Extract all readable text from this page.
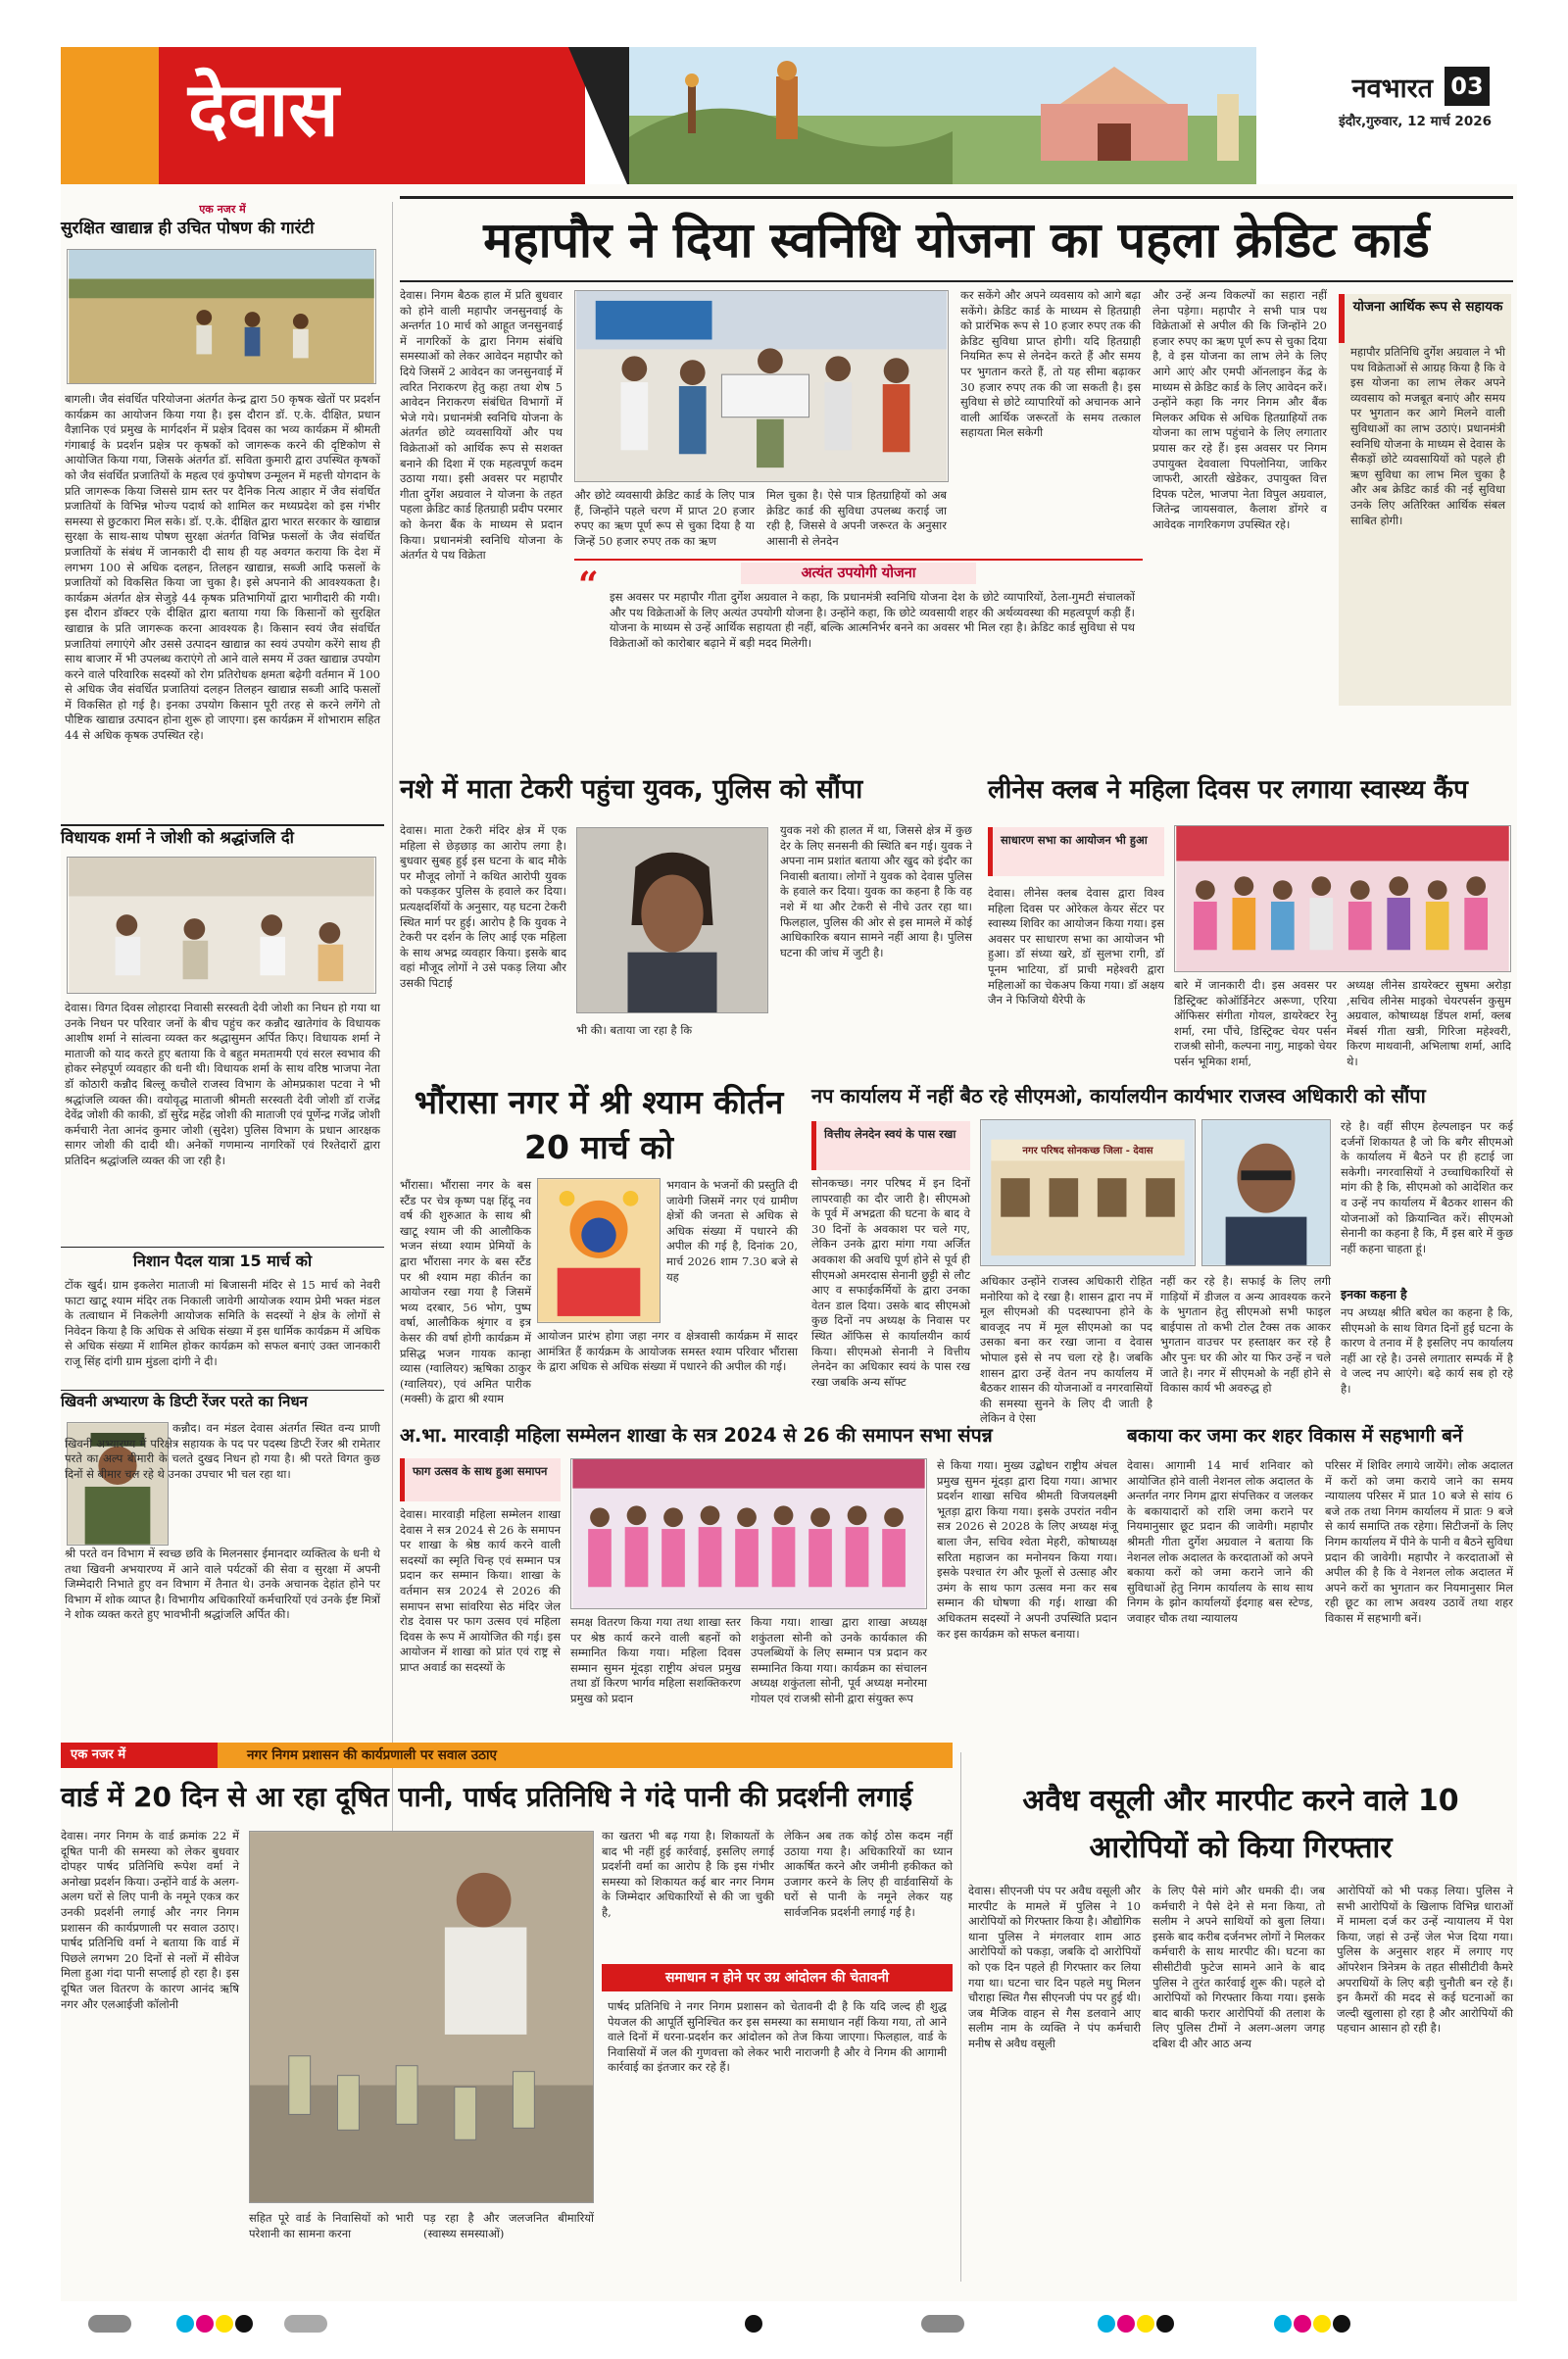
देवास	नवभारत 03
इंदौर,गुरुवार, 12 मार्च 2026
एक नजर में
सुरक्षित खाद्यान्न ही उचित पोषण की गारंटी
बागली। जैव संवर्धित परियोजना अंतर्गत केन्द्र द्वारा 50 कृषक खेतों पर प्रदर्शन कार्यक्रम का आयोजन किया गया है। इस दौरान डॉ. ए.के. दीक्षित, प्रधान वैज्ञानिक एवं प्रमुख के मार्गदर्शन में प्रक्षेत्र दिवस का भव्य कार्यक्रम में श्रीमती गंगाबाई के प्रदर्शन प्रक्षेत्र पर कृषकों को जागरूक करने की दृष्टिकोण से आयोजित किया गया, जिसके अंतर्गत डॉ. सविता कुमारी द्वारा उपस्थित कृषकों को जैव संवर्धित प्रजातियों के महत्व एवं कुपोषण उन्मूलन में महत्ती योगदान के प्रति जागरूक किया जिससे ग्राम स्तर पर दैनिक नित्य आहार में जैव संवर्धित प्रजातियों के विभिन्न भोज्य पदार्थ को शामिल कर मध्यप्रदेश को इस गंभीर समस्या से छुटकारा मिल सके। डॉ. ए.के. दीक्षित द्वारा भारत सरकार के खाद्यान्न सुरक्षा के साथ-साथ पोषण सुरक्षा अंतर्गत विभिन्न फसलों के जैव संवर्धित प्रजातियों के संबंध में जानकारी दी साथ ही यह अवगत कराया कि देश में लगभग 100 से अधिक दलहन, तिलहन खाद्यान्न, सब्जी आदि फसलों के प्रजातियों को विकसित किया जा चुका है। इसे अपनाने की आवश्यकता है। कार्यक्रम अंतर्गत क्षेत्र सेजुड़े 44 कृषक प्रतिभागियों द्वारा भागीदारी की गयी। इस दौरान डॉक्टर एके दीक्षित द्वारा बताया गया कि किसानों को सुरक्षित खाद्यान्न के प्रति जागरूक करना आवश्यक है। किसान स्वयं जैव संवर्धित प्रजातियां लगाएंगे और उससे उत्पादन खाद्यान्न का स्वयं उपयोग करेंगे साथ ही साथ बाजार में भी उपलब्ध कराएंगे तो आने वाले समय में उक्त खाद्यान्न उपयोग करने वाले परिवारिक सदस्यों को रोग प्रतिरोधक क्षमता बढ़ेगी वर्तमान में 100 से अधिक जैव संवर्धित प्रजातियां दलहन तिलहन खाद्यान्न सब्जी आदि फसलों में विकसित हो गई है। इनका उपयोग किसान पूरी तरह से करने लगेंगे तो पौष्टिक खाद्यान्न उत्पादन होना शुरू हो जाएगा। इस कार्यक्रम में शोभाराम सहित 44 से अधिक कृषक उपस्थित रहे।
विधायक शर्मा ने जोशी को श्रद्धांजलि दी
देवास। विगत दिवस लोहारदा निवासी सरस्वती देवी जोशी का निधन हो गया था उनके निधन पर परिवार जनों के बीच पहुंच कर कन्नौद खातेगांव के विधायक आशीष शर्मा ने सांत्वना व्यक्त कर श्रद्धासुमन अर्पित किए। विधायक शर्मा ने माताजी को याद करते हुए बताया कि वे बहुत ममतामयी एवं सरल स्वभाव की होकर स्नेहपूर्ण व्यवहार की धनी थी। विधायक शर्मा के साथ वरिष्ठ भाजपा नेता डॉ कोठारी कन्नौद बिल्लू कचौले राजस्व विभाग के ओमप्रकाश पटवा ने भी श्रद्धांजलि व्यक्त की। वयोवृद्ध माताजी श्रीमती सरस्वती देवी जोशी डॉ राजेंद्र देवेंद्र जोशी की काकी, डॉ सुरेंद्र महेंद्र जोशी की माताजी एवं पूर्णेन्द्र गजेंद्र जोशी कर्मचारी नेता आनंद कुमार जोशी (सुदेश) पुलिस विभाग के प्रधान आरक्षक सागर जोशी की दादी थी। अनेकों गणमान्य नागरिकों एवं रिश्तेदारों द्वारा प्रतिदिन श्रद्धांजलि व्यक्त की जा रही है।
निशान पैदल यात्रा 15 मार्च को
टोंक खुर्द। ग्राम इकलेरा माताजी मां बिजासनी मंदिर से 15 मार्च को नेवरी फाटा खाटू श्याम मंदिर तक निकाली जावेगी आयोजक श्याम प्रेमी भक्त मंडल के तत्वाधान में निकलेगी आयोजक समिति के सदस्यों ने क्षेत्र के लोगों से निवेदन किया है कि अधिक से अधिक संख्या में इस धार्मिक कार्यक्रम में अधिक से अधिक संख्या में शामिल होकर कार्यक्रम को सफल बनाएं उक्त जानकारी राजू सिंह दांगी ग्राम मुंडला दांगी ने दी।
खिवनी अभ्यारण के डिप्टी रेंजर परते का निधन
कन्नौद। वन मंडल देवास अंतर्गत स्थित वन्य प्राणी खिवनी अभ्यारण्य में परिक्षेत्र सहायक के पद पर पदस्थ डिप्टी रेंजर श्री रामेतार परते का अल्प बीमारी के चलते दुखद निधन हो गया है। श्री परते विगत कुछ दिनों से बीमार चल रहे थे उनका उपचार भी चल रहा था।
श्री परते वन विभाग में स्वच्छ छवि के मिलनसार ईमानदार व्यक्तित्व के धनी थे तथा खिवनी अभयारण्य में आने वाले पर्यटकों की सेवा व सुरक्षा में अपनी जिम्मेदारी निभाते हुए वन विभाग में तैनात थे। उनके अचानक देहांत होने पर विभाग में शोक व्याप्त है। विभागीय अधिकारियों कर्मचारियों एवं उनके ईष्ट मित्रों ने शोक व्यक्त करते हुए भावभीनी श्रद्धांजलि अर्पित की।
महापौर ने दिया स्वनिधि योजना का पहला क्रेडिट कार्ड
देवास। निगम बैठक हाल में प्रति बुधवार को होने वाली महापौर जनसुनवाई के अन्तर्गत 10 मार्च को आहूत जनसुनवाई में नागरिकों के द्वारा निगम संबंधि समस्याओं को लेकर आवेदन महापौर को दिये जिसमें 2 आवेदन का जनसुनवाई में त्वरित निराकरण हेतु कहा तथा शेष 5 आवेदन निराकरण संबंधित विभागों में भेजे गये। प्रधानमंत्री स्वनिधि योजना के अंतर्गत छोटे व्यवसायियों और पथ विक्रेताओं को आर्थिक रूप से सशक्त बनाने की दिशा में एक महत्वपूर्ण कदम उठाया गया। इसी अवसर पर महापौर गीता दुर्गेश अग्रवाल ने योजना के तहत पहला क्रेडिट कार्ड हितग्राही प्रदीप परमार को केनरा बैंक के माध्यम से प्रदान किया। प्रधानमंत्री स्वनिधि योजना के अंतर्गत ये पथ विक्रेता
और छोटे व्यवसायी क्रेडिट कार्ड के लिए पात्र हैं, जिन्होंने पहले चरण में प्राप्त 20 हजार रुपए का ऋण पूर्ण रूप से चुका दिया है या जिन्हें 50 हजार रुपए तक का ऋण
मिल चुका है। ऐसे पात्र हितग्राहियों को अब क्रेडिट कार्ड की सुविधा उपलब्ध कराई जा रही है, जिससे वे अपनी जरूरत के अनुसार आसानी से लेनदेन
कर सकेंगे और अपने व्यवसाय को आगे बढ़ा सकेंगे। क्रेडिट कार्ड के माध्यम से हितग्राही को प्रारंभिक रूप से 10 हजार रुपए तक की क्रेडिट सुविधा प्राप्त होगी। यदि हितग्राही नियमित रूप से लेनदेन करते हैं और समय पर भुगतान करते हैं, तो यह सीमा बढ़ाकर 30 हजार रुपए तक की जा सकती है। इस सुविधा से छोटे व्यापारियों को अचानक आने वाली आर्थिक जरूरतों के समय तत्काल सहायता मिल सकेगी
और उन्हें अन्य विकल्पों का सहारा नहीं लेना पड़ेगा। महापौर ने सभी पात्र पथ विक्रेताओं से अपील की कि जिन्होंने 20 हजार रुपए का ऋण पूर्ण रूप से चुका दिया है, वे इस योजना का लाभ लेने के लिए आगे आएं और एमपी ऑनलाइन केंद्र के माध्यम से क्रेडिट कार्ड के लिए आवेदन करें। उन्होंने कहा कि नगर निगम और बैंक मिलकर अधिक से अधिक हितग्राहियों तक योजना का लाभ पहुंचाने के लिए लगातार प्रयास कर रहे हैं। इस अवसर पर निगम उपायुक्त देववाला पिपलोनिया, जाकिर जाफरी, आरती खेडेकर, उपायुक्त वित्त दिपक पटेल, भाजपा नेता विपुल अग्रवाल, जितेन्द्र जायसवाल, कैलाश डोंगरे व आवेदक नागरिकगण उपस्थित रहे।
“	अत्यंत उपयोगी योजना
इस अवसर पर महापौर गीता दुर्गेश अग्रवाल ने कहा, कि प्रधानमंत्री स्वनिधि योजना देश के छोटे व्यापारियों, ठेला-गुमटी संचालकों और पथ विक्रेताओं के लिए अत्यंत उपयोगी योजना है। उन्होंने कहा, कि छोटे व्यवसायी शहर की अर्थव्यवस्था की महत्वपूर्ण कड़ी हैं। योजना के माध्यम से उन्हें आर्थिक सहायता ही नहीं, बल्कि आत्मनिर्भर बनने का अवसर भी मिल रहा है। क्रेडिट कार्ड सुविधा से पथ विक्रेताओं को कारोबार बढ़ाने में बड़ी मदद मिलेगी।
योजना आर्थिक रूप से सहायक
महापौर प्रतिनिधि दुर्गेश अग्रवाल ने भी पथ विक्रेताओं से आग्रह किया है कि वे इस योजना का लाभ लेकर अपने व्यवसाय को मजबूत बनाएं और समय पर भुगतान कर आगे मिलने वाली सुविधाओं का लाभ उठाएं। प्रधानमंत्री स्वनिधि योजना के माध्यम से देवास के सैकड़ों छोटे व्यवसायियों को पहले ही ऋण सुविधा का लाभ मिल चुका है और अब क्रेडिट कार्ड की नई सुविधा उनके लिए अतिरिक्त आर्थिक संबल साबित होगी।
नशे में माता टेकरी पहुंचा युवक, पुलिस को सौंपा
देवास। माता टेकरी मंदिर क्षेत्र में एक महिला से छेड़छाड़ का आरोप लगा है। बुधवार सुबह हुई इस घटना के बाद मौके पर मौजूद लोगों ने कथित आरोपी युवक को पकड़कर पुलिस के हवाले कर दिया। प्रत्यक्षदर्शियों के अनुसार, यह घटना टेकरी स्थित मार्ग पर हुई। आरोप है कि युवक ने टेकरी पर दर्शन के लिए आई एक महिला के साथ अभद्र व्यवहार किया। इसके बाद वहां मौजूद लोगों ने उसे पकड़ लिया और उसकी पिटाई
भी की। बताया जा रहा है कि
युवक नशे की हालत में था, जिससे क्षेत्र में कुछ देर के लिए सनसनी की स्थिति बन गई। युवक ने अपना नाम प्रशांत बताया और खुद को इंदौर का निवासी बताया। लोगों ने युवक को देवास पुलिस के हवाले कर दिया। युवक का कहना है कि वह नशे में था और टेकरी से नीचे उतर रहा था। फिलहाल, पुलिस की ओर से इस मामले में कोई आधिकारिक बयान सामने नहीं आया है। पुलिस घटना की जांच में जुटी है।
लीनेस क्लब ने महिला दिवस पर लगाया स्वास्थ्य कैंप
साधारण सभा का आयोजन भी हुआ
देवास। लीनेस क्लब देवास द्वारा विश्व महिला दिवस पर ओरेकल केयर सेंटर पर स्वास्थ्य शिविर का आयोजन किया गया। इस अवसर पर साधारण सभा का आयोजन भी हुआ। डॉ संध्या खरे, डॉ सुलभा रागी, डॉ पूनम भाटिया, डॉ प्राची महेश्वरी द्वारा महिलाओं का चेकअप किया गया। डॉ अक्षय जैन ने फिजियो थैरेपी के
बारे में जानकारी दी। इस अवसर पर डिस्ट्रिक्ट कोऑर्डिनेटर अरूणा, एरिया ऑफिसर संगीता गोयल, डायरेक्टर रेनु शर्मा, रमा पौंचे, डिस्ट्रिक्ट चेयर पर्सन राजश्री सोनी, कल्पना नागु, माइको चेयर पर्सन भूमिका शर्मा,
अध्यक्ष लीनेस डायरेक्टर सुषमा अरोड़ा ,सचिव लीनेस माइको चेयरपर्सन कुसुम अग्रवाल, कोषाध्यक्ष डिंपल शर्मा, क्लब मेंबर्स गीता खत्री, गिरिजा महेश्वरी, किरण माथवानी, अभिलाषा शर्मा, आदि थे।
भौंरासा नगर में श्री श्याम कीर्तन 20 मार्च को
भौंरासा। भौंरासा नगर के बस स्टैंड पर चेत्र कृष्ण पक्ष हिंदू नव वर्ष की शुरुआत के साथ श्री खाटू श्याम जी की आलौकिक भजन संध्या श्याम प्रेमियों के द्वारा भौंरासा नगर के बस स्टैंड पर श्री श्याम महा कीर्तन का आयोजन रखा गया है जिसमें भव्य दरबार, 56 भोग, पुष्प वर्षा, आलौकिक श्रृंगार व इत्र केसर की वर्षा होगी कार्यक्रम में प्रसिद्ध भजन गायक कान्हा व्यास (ग्वालियर) ऋषिका ठाकुर (ग्वालियर), एवं अमित पारीक (मक्सी) के द्वारा श्री श्याम
भगवान के भजनों की प्रस्तुति दी जावेगी जिसमें नगर एवं ग्रामीण क्षेत्रों की जनता से अधिक से अधिक संख्या में पधारने की अपील की गई है, दिनांक 20, मार्च 2026 शाम 7.30 बजे से यह
आयोजन प्रारंभ होगा जहा नगर व क्षेत्रवासी कार्यक्रम में सादर आमंत्रित हैं कार्यक्रम के आयोजक समस्त श्याम परिवार भौंरासा के द्वारा अधिक से अधिक संख्या में पधारने की अपील की गई।
नप कार्यालय में नहीं बैठ रहे सीएमओ, कार्यालयीन कार्यभार राजस्व अधिकारी को सौंपा
वित्तीय लेनदेन स्वयं के पास रखा
सोनकच्छ। नगर परिषद में इन दिनों लापरवाही का दौर जारी है। सीएमओ के पूर्व में अभद्रता की घटना के बाद वे 30 दिनों के अवकाश पर चले गए, लेकिन उनके द्वारा मांगा गया अर्जित अवकाश की अवधि पूर्ण होने से पूर्व ही सीएमओ अमरदास सेनानी छुट्टी से लौट आए व सफाईकर्मियों के द्वारा उनका वेतन डाल दिया। उसके बाद सीएमओ कुछ दिनों नप अध्यक्ष के निवास पर स्थित ऑफिस से कार्यालयीन कार्य किया। सीएमओ सेनानी ने वित्तीय लेनदेन का अधिकार स्वयं के पास रख रखा जबकि अन्य सॉफ्ट
नगर परिषद सोनकच्छ जिला - देवास
अधिकार उन्होंने राजस्व अधिकारी रोहित मनोरिया को दे रखा है। शासन द्वारा नप में मूल सीएमओ की पदस्थापना होने के बावजूद नप में मूल सीएमओ का पद उसका बना कर रखा जाना व देवास भोपाल इसे से नप चला रहे है। जबकि शासन द्वारा उन्हें वेतन नप कार्यालय में बैठकर शासन की योजनाओं व नगरवासियों की समस्या सुनने के लिए दी जाती है लेकिन वे ऐसा
नहीं कर रहे है। सफाई के लिए लगी गाड़ियों में डीजल व अन्य आवश्यक करने के भुगतान हेतु सीएमओ सभी फाइल बाईपास तो कभी टोल टैक्स तक आकर भुगतान वाउचर पर हस्ताक्षर कर रहे है और पुनः घर की ओर या फिर उन्हें न चले जाते है। नगर में सीएमओ के नहीं होने से विकास कार्य भी अवरुद्ध हो
रहे है। वहीं सीएम हेल्पलाइन पर कई दर्जनों शिकायत है जो कि बगैर सीएमओ के कार्यालय में बैठने पर ही हटाई जा सकेगी। नगरवासियों ने उच्चाधिकारियों से मांग की है कि, सीएमओ को आदेशित कर व उन्हें नप कार्यालय में बैठकर शासन की योजनाओं को क्रियान्वित करें। सीएमओ सेनानी का कहना है कि, मैं इस बारे में कुछ नहीं कहना चाहता हूं।
इनका कहना है
नप अध्यक्ष श्रीति बघेल का कहना है कि, सीएमओ के साथ विगत दिनों हुई घटना के कारण वे तनाव में है इसलिए नप कार्यालय नहीं आ रहे है। उनसे लगातार सम्पर्क में है वे जल्द नप आएंगे। बढ़े कार्य सब हो रहे है।
अ.भा. मारवाड़ी महिला सम्मेलन शाखा के सत्र 2024 से 26 की समापन सभा संपन्न
फाग उत्सव के साथ हुआ समापन
देवास। मारवाड़ी महिला सम्मेलन शाखा देवास ने सत्र 2024 से 26 के समापन पर शाखा के श्रेष्ठ कार्य करने वाली सदस्यों का स्मृति चिन्ह एवं सम्मान पत्र प्रदान कर सम्मान किया। शाखा के वर्तमान सत्र 2024 से 2026 की समापन सभा सांवरिया सेठ मंदिर जेल रोड देवास पर फाग उत्सव एवं महिला दिवस के रूप में आयोजित की गई। इस आयोजन में शाखा को प्रांत एवं राष्ट्र से प्राप्त अवार्ड का सदस्यों के
समक्ष वितरण किया गया तथा शाखा स्तर पर श्रेष्ठ कार्य करने वाली बहनों को सम्मानित किया गया। महिला दिवस सम्मान सुमन मूंदड़ा राष्ट्रीय अंचल प्रमुख तथा डॉ किरण भार्गव महिला सशक्तिकरण प्रमुख को प्रदान
किया गया। शाखा द्वारा शाखा अध्यक्ष शकुंतला सोनी को उनके कार्यकाल की उपलब्धियों के लिए सम्मान पत्र प्रदान कर सम्मानित किया गया। कार्यक्रम का संचालन अध्यक्ष शकुंतला सोनी, पूर्व अध्यक्ष मनोरमा गोयल एवं राजश्री सोनी द्वारा संयुक्त रूप
से किया गया। मुख्य उद्बोधन राष्ट्रीय अंचल प्रमुख सुमन मूंदड़ा द्वारा दिया गया। आभार प्रदर्शन शाखा सचिव श्रीमती विजयलक्ष्मी भूतड़ा द्वारा किया गया। इसके उपरांत नवीन सत्र 2026 से 2028 के लिए अध्यक्ष मंजू बाला जैन, सचिव श्वेता मेहरी, कोषाध्यक्ष सरिता महाजन का मनोनयन किया गया। इसके पश्चात रंग और फूलों से उत्साह और उमंग के साथ फाग उत्सव मना कर सब सम्मान की घोषणा की गई। शाखा की अधिकतम सदस्यों ने अपनी उपस्थिति प्रदान कर इस कार्यक्रम को सफल बनाया।
बकाया कर जमा कर शहर विकास में सहभागी बनें
देवास। आगामी 14 मार्च शनिवार को आयोजित होने वाली नेशनल लोक अदालत के अन्तर्गत नगर निगम द्वारा संपत्तिकर व जलकर के बकायादारों को राशि जमा कराने पर नियमानुसार छूट प्रदान की जावेगी। महापौर श्रीमती गीता दुर्गेश अग्रवाल ने बताया कि नेशनल लोक अदालत के करदाताओं को अपने बकाया करों को जमा कराने जाने की सुविधाओं हेतु निगम कार्यालय के साथ साथ निगम के झोन कार्यालयों ईदगाह बस स्टेण्ड, जवाहर चौक तथा न्यायालय
परिसर में शिविर लगाये जायेंगे। लोक अदालत में करों को जमा कराये जाने का समय न्यायालय परिसर में प्रात 10 बजे से सांय 6 बजे तक तथा निगम कार्यालय में प्रातः 9 बजे से कार्य समाप्ति तक रहेगा। सिटीजनों के लिए निगम कार्यालय में पीने के पानी व बैठने सुविधा प्रदान की जावेगी। महापौर ने करदाताओं से अपील की है कि वे नेशनल लोक अदालत में अपने करों का भुगतान कर नियमानुसार मिल रही छूट का लाभ अवश्य उठावें तथा शहर विकास में सहभागी बनें।
एक नजर में	नगर निगम प्रशासन की कार्यप्रणाली पर सवाल उठाए
वार्ड में 20 दिन से आ रहा दूषित पानी, पार्षद प्रतिनिधि ने गंदे पानी की प्रदर्शनी लगाई
देवास। नगर निगम के वार्ड क्रमांक 22 में दूषित पानी की समस्या को लेकर बुधवार दोपहर पार्षद प्रतिनिधि रूपेश वर्मा ने अनोखा प्रदर्शन किया। उन्होंने वार्ड के अलग-अलग घरों से लिए पानी के नमूने एकत्र कर उनकी प्रदर्शनी लगाई और नगर निगम प्रशासन की कार्यप्रणाली पर सवाल उठाए। पार्षद प्रतिनिधि वर्मा ने बताया कि वार्ड में पिछले लगभग 20 दिनों से नलों में सीवेज मिला हुआ गंदा पानी सप्लाई हो रहा है। इस दूषित जल वितरण के कारण आनंद ऋषि नगर और एलआईजी कॉलोनी
सहित पूरे वार्ड के निवासियों को भारी परेशानी का सामना करना
पड़ रहा है और जलजनित बीमारियों (स्वास्थ्य समस्याओं)
का खतरा भी बढ़ गया है। शिकायतों के बाद भी नहीं हुई कार्रवाई, इसलिए लगाई प्रदर्शनी वर्मा का आरोप है कि इस गंभीर समस्या को शिकायत कई बार नगर निगम के जिम्मेदार अधिकारियों से की जा चुकी है,
लेकिन अब तक कोई ठोस कदम नहीं उठाया गया है। अधिकारियों का ध्यान आकर्षित करने और जमीनी हकीकत को उजागर करने के लिए ही वार्डवासियों के घरों से पानी के नमूने लेकर यह सार्वजनिक प्रदर्शनी लगाई गई है।
समाधान न होने पर उग्र आंदोलन की चेतावनी
पार्षद प्रतिनिधि ने नगर निगम प्रशासन को चेतावनी दी है कि यदि जल्द ही शुद्ध पेयजल की आपूर्ति सुनिश्चित कर इस समस्या का समाधान नहीं किया गया, तो आने वाले दिनों में धरना-प्रदर्शन कर आंदोलन को तेज किया जाएगा। फिलहाल, वार्ड के निवासियों में जल की गुणवत्ता को लेकर भारी नाराजगी है और वे निगम की आगामी कार्रवाई का इंतजार कर रहे हैं।
अवैध वसूली और मारपीट करने वाले 10 आरोपियों को किया गिरफ्तार
देवास। सीएनजी पंप पर अवैध वसूली और मारपीट के मामले में पुलिस ने 10 आरोपियों को गिरफ्तार किया है। औद्योगिक थाना पुलिस ने मंगलवार शाम आठ आरोपियों को पकड़ा, जबकि दो आरोपियों को एक दिन पहले ही गिरफ्तार कर लिया गया था। घटना चार दिन पहले मधु मिलन चौराहा स्थित गैस सीएनजी पंप पर हुई थी। जब मैजिक वाहन से गैस डलवाने आए सलीम नाम के व्यक्ति ने पंप कर्मचारी मनीष से अवैध वसूली
के लिए पैसे मांगे और धमकी दी। जब कर्मचारी ने पैसे देने से मना किया, तो सलीम ने अपने साथियों को बुला लिया। इसके बाद करीब दर्जनभर लोगों ने मिलकर कर्मचारी के साथ मारपीट की। घटना का सीसीटीवी फुटेज सामने आने के बाद पुलिस ने तुरंत कार्रवाई शुरू की। पहले दो आरोपियों को गिरफ्तार किया गया। इसके बाद बाकी फरार आरोपियों की तलाश के लिए पुलिस टीमों ने अलग-अलग जगह दबिश दी और आठ अन्य
आरोपियों को भी पकड़ लिया। पुलिस ने सभी आरोपियों के खिलाफ विभिन्न धाराओं में मामला दर्ज कर उन्हें न्यायालय में पेश किया, जहां से उन्हें जेल भेज दिया गया। पुलिस के अनुसार शहर में लगाए गए ऑपरेशन त्रिनेत्रम के तहत सीसीटीवी कैमरे अपराधियों के लिए बड़ी चुनौती बन रहे हैं। इन कैमरों की मदद से कई घटनाओं का जल्दी खुलासा हो रहा है और आरोपियों की पहचान आसान हो रही है।
